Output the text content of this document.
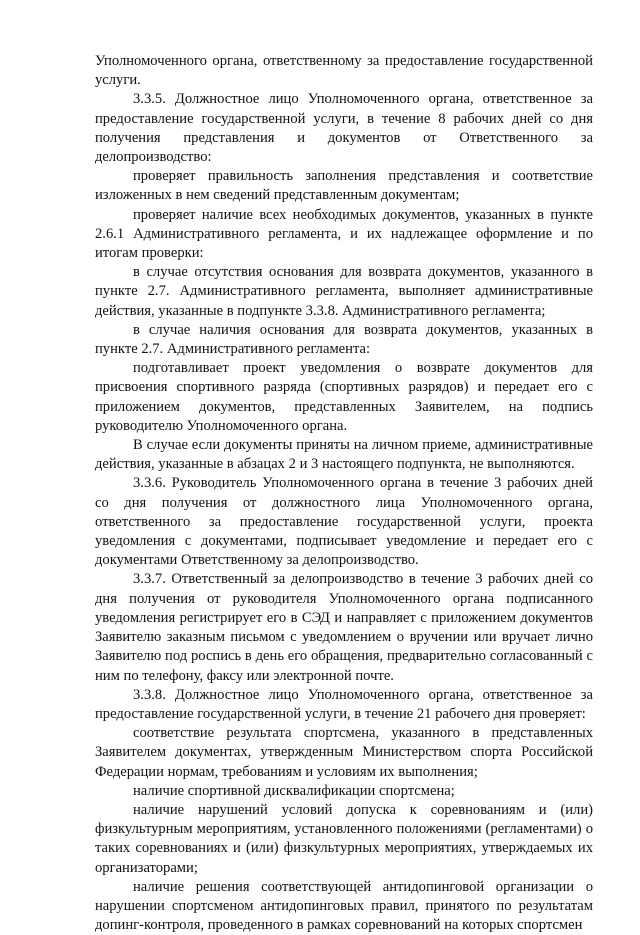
Уполномоченного органа, ответственному за предоставление государственной услуги.

3.3.5. Должностное лицо Уполномоченного органа, ответственное за предоставление государственной услуги, в течение 8 рабочих дней со дня получения представления и документов от Ответственного за делопроизводство:

проверяет правильность заполнения представления и соответствие изложенных в нем сведений представленным документам;

проверяет наличие всех необходимых документов, указанных в пункте 2.6.1 Административного регламента, и их надлежащее оформление и по итогам проверки:

в случае отсутствия основания для возврата документов, указанного в пункте 2.7. Административного регламента, выполняет административные действия, указанные в подпункте 3.3.8. Административного регламента;

в случае наличия основания для возврата документов, указанных в пункте 2.7. Административного регламента:

подготавливает проект уведомления о возврате документов для присвоения спортивного разряда (спортивных разрядов) и передает его с приложением документов, представленных Заявителем, на подпись руководителю Уполномоченного органа.

В случае если документы приняты на личном приеме, административные действия, указанные в абзацах 2 и 3 настоящего подпункта, не выполняются.

3.3.6. Руководитель Уполномоченного органа в течение 3 рабочих дней со дня получения от должностного лица Уполномоченного органа, ответственного за предоставление государственной услуги, проекта уведомления с документами, подписывает уведомление и передает его с документами Ответственному за делопроизводство.

3.3.7. Ответственный за делопроизводство в течение 3 рабочих дней со дня получения от руководителя Уполномоченного органа подписанного уведомления регистрирует его в СЭД и направляет с приложением документов Заявителю заказным письмом с уведомлением о вручении или вручает лично Заявителю под роспись в день его обращения, предварительно согласованный с ним по телефону, факсу или электронной почте.

3.3.8. Должностное лицо Уполномоченного органа, ответственное за предоставление государственной услуги, в течение 21 рабочего дня проверяет:

соответствие результата спортсмена, указанного в представленных Заявителем документах, утвержденным Министерством спорта Российской Федерации нормам, требованиям и условиям их выполнения;

наличие спортивной дисквалификации спортсмена;

наличие нарушений условий допуска к соревнованиям и (или) физкультурным мероприятиям, установленного положениями (регламентами) о таких соревнованиях и (или) физкультурных мероприятиях, утверждаемых их организаторами;

наличие решения соответствующей антидопинговой организации о нарушении спортсменом антидопинговых правил, принятого по результатам допинг-контроля, проведенного в рамках соревнований на которых спортсмен
